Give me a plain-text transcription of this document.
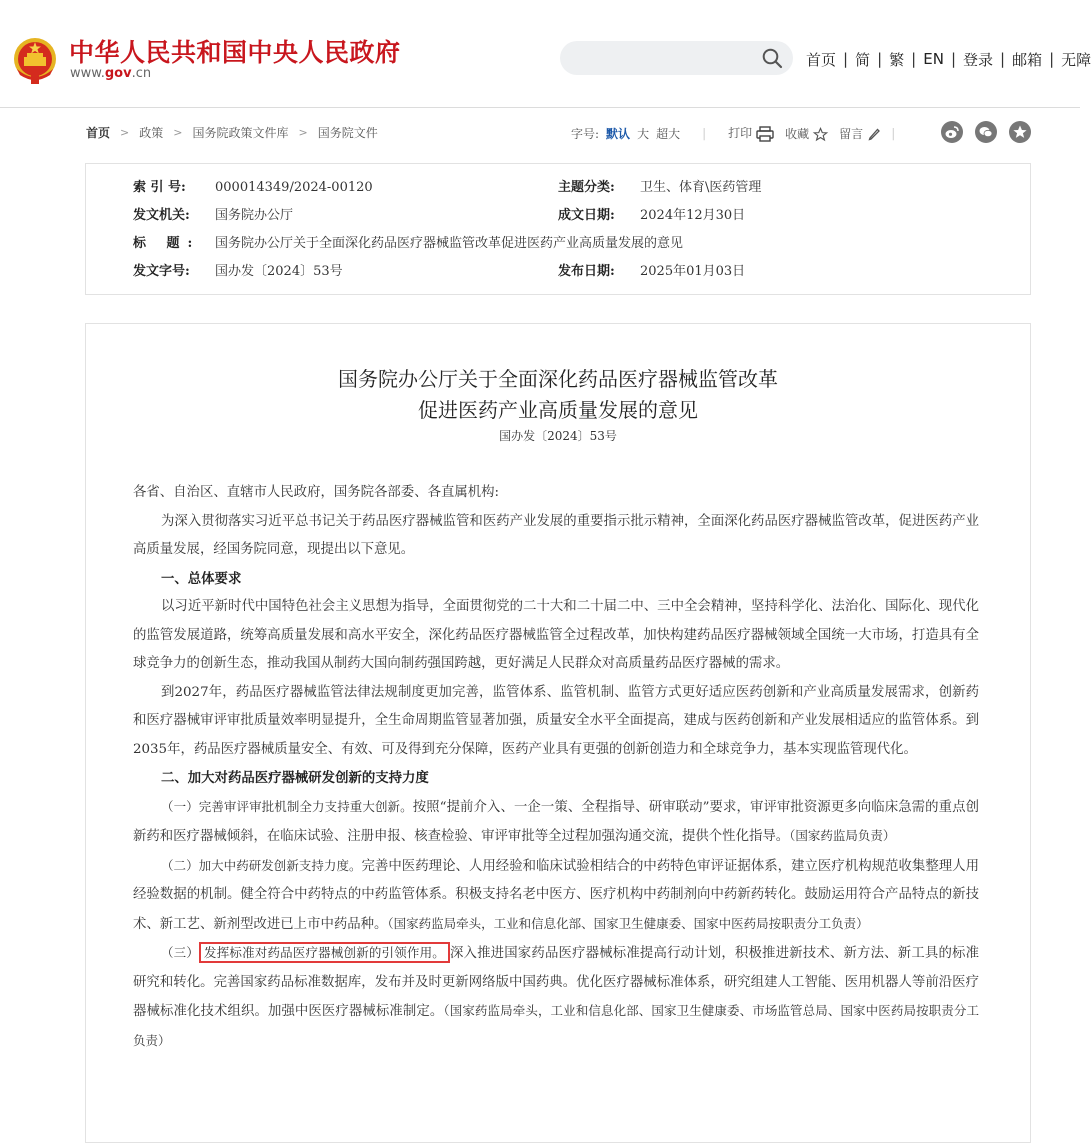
中华人民共和国中央人民政府
www.gov.cn
首页 | 简 | 繁 | EN | 登录 | 邮箱 | 无障
首页 > 政策 > 国务院政策文件库 > 国务院文件	字号: 默认 大 超大 | 打印	收藏	留言	|
索 引 号: 000014349/2024-00120	主题分类: 卫生、体育\医药管理
发文机关: 国务院办公厅	成文日期: 2024年12月30日
标 题: 国务院办公厅关于全面深化药品医疗器械监管改革促进医药产业高质量发展的意见
发文字号: 国办发〔2024〕53号	发布日期: 2025年01月03日
国务院办公厅关于全面深化药品医疗器械监管改革
促进医药产业高质量发展的意见
国办发〔2024〕53号

各省、自治区、直辖市人民政府，国务院各部委、各直属机构:

为深入贯彻落实习近平总书记关于药品医疗器械监管和医药产业发展的重要指示批示精神，全面深化药品医疗器械监管改革，促进医药产业高质量发展，经国务院同意，现提出以下意见。

一、总体要求

以习近平新时代中国特色社会主义思想为指导，全面贯彻党的二十大和二十届二中、三中全会精神，坚持科学化、法治化、国际化、现代化的监管发展道路，统筹高质量发展和高水平安全，深化药品医疗器械监管全过程改革，加快构建药品医疗器械领域全国统一大市场，打造具有全球竞争力的创新生态，推动我国从制药大国向制药强国跨越，更好满足人民群众对高质量药品医疗器械的需求。

到2027年，药品医疗器械监管法律法规制度更加完善，监管体系、监管机制、监管方式更好适应医药创新和产业高质量发展需求，创新药和医疗器械审评审批质量效率明显提升，全生命周期监管显著加强，质量安全水平全面提高，建成与医药创新和产业发展相适应的监管体系。到2035年，药品医疗器械质量安全、有效、可及得到充分保障，医药产业具有更强的创新创造力和全球竞争力，基本实现监管现代化。

二、加大对药品医疗器械研发创新的支持力度

（一）完善审评审批机制全力支持重大创新。按照“提前介入、一企一策、全程指导、研审联动”要求，审评审批资源更多向临床急需的重点创新药和医疗器械倾斜，在临床试验、注册申报、核查检验、审评审批等全过程加强沟通交流，提供个性化指导。（国家药监局负责）

（二）加大中药研发创新支持力度。完善中医药理论、人用经验和临床试验相结合的中药特色审评证据体系，建立医疗机构规范收集整理人用经验数据的机制。健全符合中药特点的中药监管体系。积极支持名老中医方、医疗机构中药制剂向中药新药转化。鼓励运用符合产品特点的新技术、新工艺、新剂型改进已上市中药品种。（国家药监局牵头，工业和信息化部、国家卫生健康委、国家中医药局按职责分工负责）

（三） 发挥标准对药品医疗器械创新的引领作用。 深入推进国家药品医疗器械标准提高行动计划，积极推进新技术、新方法、新工具的标准研究和转化。完善国家药品标准数据库，发布并及时更新网络版中国药典。优化医疗器械标准体系，研究组建人工智能、医用机器人等前沿医疗器械标准化技术组织。加强中医医疗器械标准制定。（国家药监局牵头，工业和信息化部、国家卫生健康委、市场监管总局、国家中医药局按职责分工负责）
